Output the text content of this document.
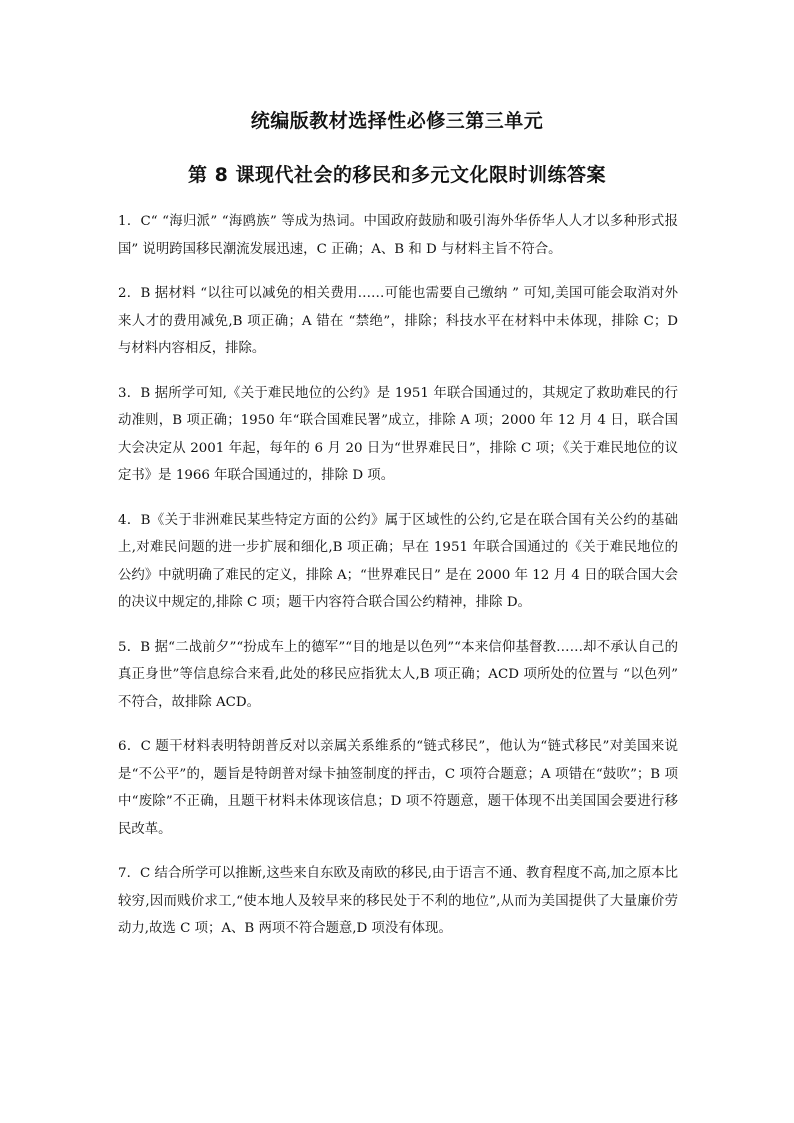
统编版教材选择性必修三第三单元
第 8 课现代社会的移民和多元文化限时训练答案

1．C“ “海归派” “海鸥族” 等成为热词。中国政府鼓励和吸引海外华侨华人人才以多种形式报国” 说明跨国移民潮流发展迅速，C 正确；A、B 和 D 与材料主旨不符合。

2．B 据材料 “以往可以减免的相关费用……可能也需要自己缴纳 ” 可知,美国可能会取消对外来人才的费用减免,B 项正确；A 错在 “禁绝”，排除；科技水平在材料中未体现，排除 C；D 与材料内容相反，排除。

3．B 据所学可知,《关于难民地位的公约》是 1951 年联合国通过的，其规定了救助难民的行动准则，B 项正确；1950 年“联合国难民署”成立，排除 A 项；2000 年 12 月 4 日，联合国大会决定从 2001 年起，每年的 6 月 20 日为“世界难民日”，排除 C 项；《关于难民地位的议定书》是 1966 年联合国通过的，排除 D 项。

4．B《关于非洲难民某些特定方面的公约》属于区域性的公约,它是在联合国有关公约的基础上,对难民问题的进一步扩展和细化,B 项正确；早在 1951 年联合国通过的《关于难民地位的公约》中就明确了难民的定义，排除 A；“世界难民日” 是在 2000 年 12 月 4 日的联合国大会的决议中规定的,排除 C 项；题干内容符合联合国公约精神，排除 D。

5．B 据“二战前夕”“扮成车上的德军”“目的地是以色列”“本来信仰基督教……却不承认自己的真正身世”等信息综合来看,此处的移民应指犹太人,B 项正确；ACD 项所处的位置与 “以色列” 不符合，故排除 ACD。

6．C 题干材料表明特朗普反对以亲属关系维系的“链式移民”，他认为“链式移民”对美国来说是“不公平”的，题旨是特朗普对绿卡抽签制度的抨击，C 项符合题意；A 项错在“鼓吹”；B 项中“废除”不正确，且题干材料未体现该信息；D 项不符题意，题干体现不出美国国会要进行移民改革。

7．C 结合所学可以推断,这些来自东欧及南欧的移民,由于语言不通、教育程度不高,加之原本比较穷,因而贱价求工,“使本地人及较早来的移民处于不利的地位”,从而为美国提供了大量廉价劳动力,故选 C 项；A、B 两项不符合题意,D 项没有体现。
